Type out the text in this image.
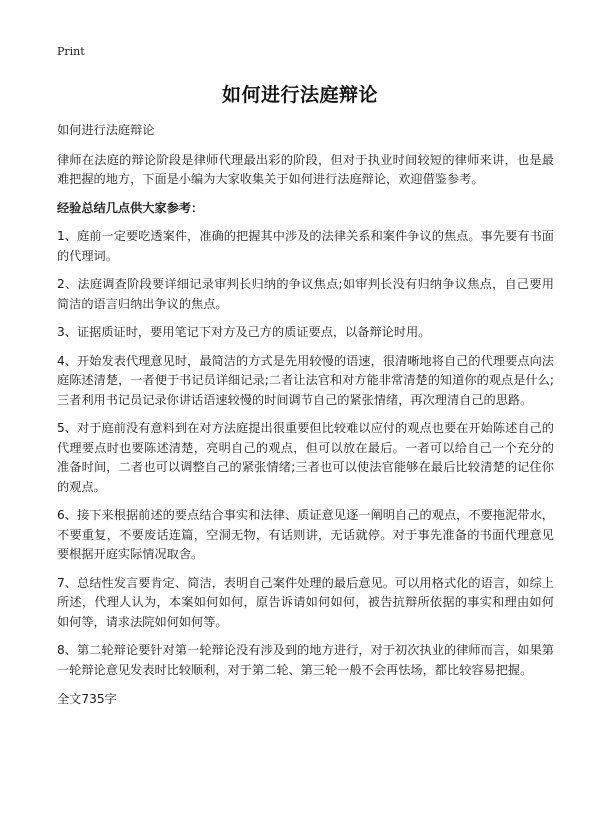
Print
如何进行法庭辩论

如何进行法庭辩论

律师在法庭的辩论阶段是律师代理最出彩的阶段，但对于执业时间较短的律师来讲，也是最难把握的地方，下面是小编为大家收集关于如何进行法庭辩论，欢迎借鉴参考。

经验总结几点供大家参考：

1、庭前一定要吃透案件，准确的把握其中涉及的法律关系和案件争议的焦点。事先要有书面的代理词。

2、法庭调查阶段要详细记录审判长归纳的争议焦点;如审判长没有归纳争议焦点，自己要用简洁的语言归纳出争议的焦点。

3、证据质证时，要用笔记下对方及己方的质证要点，以备辩论时用。

4、开始发表代理意见时，最简洁的方式是先用较慢的语速，很清晰地将自己的代理要点向法庭陈述清楚，一者便于书记员详细记录;二者让法官和对方能非常清楚的知道你的观点是什么;三者利用书记员记录你讲话语速较慢的时间调节自己的紧张情绪，再次理清自己的思路。

5、对于庭前没有意料到在对方法庭提出很重要但比较难以应付的观点也要在开始陈述自己的代理要点时也要陈述清楚，亮明自己的观点，但可以放在最后。一者可以给自己一个充分的准备时间，二者也可以调整自己的紧张情绪;三者也可以使法官能够在最后比较清楚的记住你的观点。

6、接下来根据前述的要点结合事实和法律、质证意见逐一阐明自己的观点，不要拖泥带水，不要重复，不要废话连篇，空洞无物，有话则讲，无话就停。对于事先准备的书面代理意见要根据开庭实际情况取舍。

7、总结性发言要肯定、简洁，表明自己案件处理的最后意见。可以用格式化的语言，如综上所述，代理人认为，本案如何如何，原告诉请如何如何，被告抗辩所依据的事实和理由如何如何等，请求法院如何如何等。

8、第二轮辩论要针对第一轮辩论没有涉及到的地方进行，对于初次执业的律师而言，如果第一轮辩论意见发表时比较顺利，对于第二轮、第三轮一般不会再怯场，都比较容易把握。

全文735字
